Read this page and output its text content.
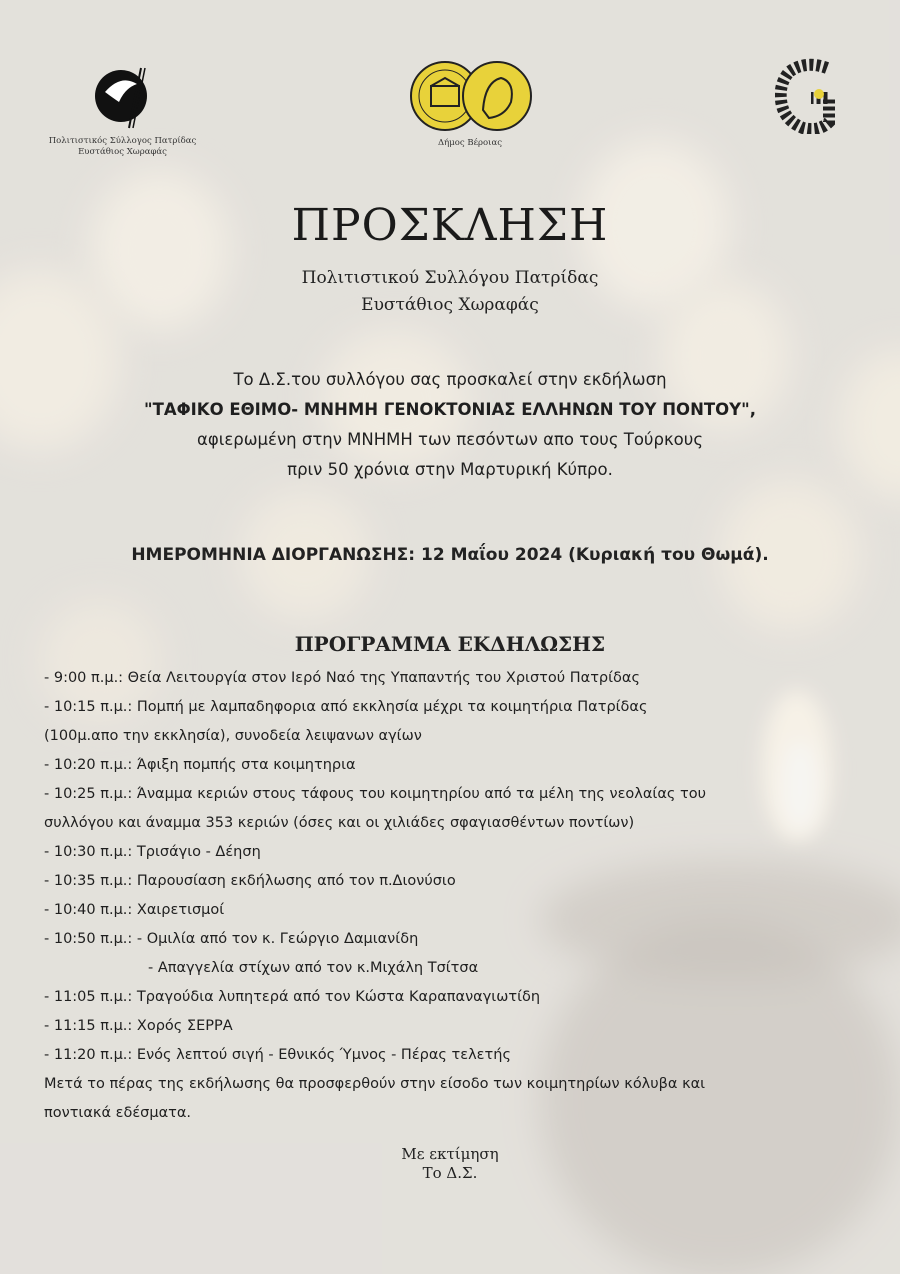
Πολιτιστικός Σύλλογος Πατρίδας
Ευστάθιος Χωραφάς
Δήμος Βέροιας
ΠΡΟΣΚΛΗΣΗ
Πολιτιστικού Συλλόγου Πατρίδας
Ευστάθιος Χωραφάς
Το Δ.Σ.του συλλόγου σας προσκαλεί στην εκδήλωση
"ΤΑΦΙΚΟ ΕΘΙΜΟ- ΜΝΗΜΗ ΓΕΝΟΚΤΟΝΙΑΣ ΕΛΛΗΝΩΝ ΤΟΥ ΠΟΝΤΟΥ",
αφιερωμένη στην ΜΝΗΜΗ των πεσόντων απο τους Τούρκους
πριν 50 χρόνια στην Μαρτυρική Κύπρο.
ΗΜΕΡΟΜΗΝΙΑ ΔΙΟΡΓΑΝΩΣΗΣ: 12 Μαΐου 2024 (Κυριακή του Θωμά).
ΠΡΟΓΡΑΜΜΑ ΕΚΔΗΛΩΣΗΣ
- 9:00 π.μ.: Θεία Λειτουργία στον Ιερό Ναό της Υπαπαντής του Χριστού Πατρίδας
- 10:15 π.μ.: Πομπή με λαμπαδηφορια από εκκλησία μέχρι τα κοιμητήρια Πατρίδας
(100μ.απο την εκκλησία), συνοδεία λειψανων αγίων
- 10:20 π.μ.: Άφιξη πομπής στα κοιμητηρια
- 10:25 π.μ.: Άναμμα κεριών στους τάφους του κοιμητηρίου από τα μέλη της νεολαίας του
συλλόγου και άναμμα 353 κεριών (όσες και οι χιλιάδες σφαγιασθέντων ποντίων)
- 10:30 π.μ.: Τρισάγιο - Δέηση
- 10:35 π.μ.: Παρουσίαση εκδήλωσης από τον π.Διονύσιο
- 10:40 π.μ.: Χαιρετισμοί
- 10:50 π.μ.: - Ομιλία από τον κ. Γεώργιο Δαμιανίδη
- Απαγγελία στίχων από τον κ.Μιχάλη Τσίτσα
- 11:05 π.μ.: Τραγούδια λυπητερά από τον Κώστα Καραπαναγιωτίδη
- 11:15 π.μ.: Χορός ΣΕΡΡΑ
- 11:20 π.μ.: Ενός λεπτού σιγή - Εθνικός Ύμνος - Πέρας τελετής
Μετά το πέρας της εκδήλωσης θα προσφερθούν στην είσοδο των κοιμητηρίων κόλυβα και
ποντιακά εδέσματα.
Με εκτίμηση
Το Δ.Σ.
